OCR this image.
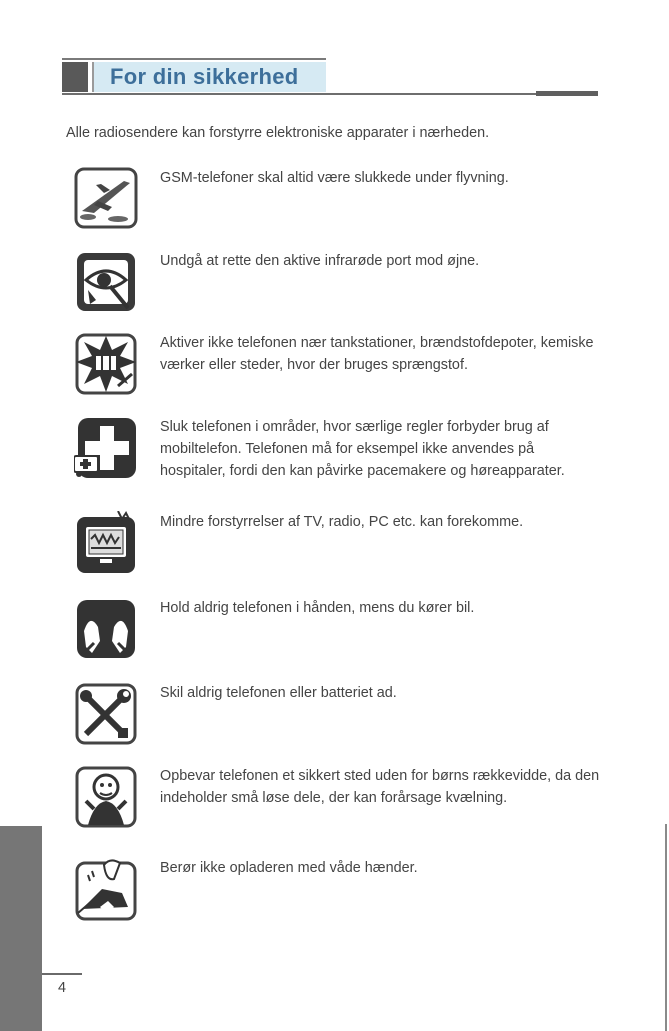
For din sikkerhed

Alle radiosendere kan forstyrre elektroniske apparater i nærheden.

GSM-telefoner skal altid være slukkede under flyvning.

Undgå at rette den aktive infrarøde port mod øjne.

Aktiver ikke telefonen nær tankstationer, brændstofdepoter, kemiske værker eller steder, hvor der bruges sprængstof.

Sluk telefonen i områder, hvor særlige regler forbyder brug af mobiltelefon. Telefonen må for eksempel ikke anvendes på hospitaler, fordi den kan påvirke pacemakere og høreapparater.

Mindre forstyrrelser af TV, radio, PC etc. kan forekomme.

Hold aldrig telefonen i hånden, mens du kører bil.

Skil aldrig telefonen eller batteriet ad.

Opbevar telefonen et sikkert sted uden for børns rækkevidde, da den indeholder små løse dele, der kan forårsage kvælning.

Berør ikke opladeren med våde hænder.

4
